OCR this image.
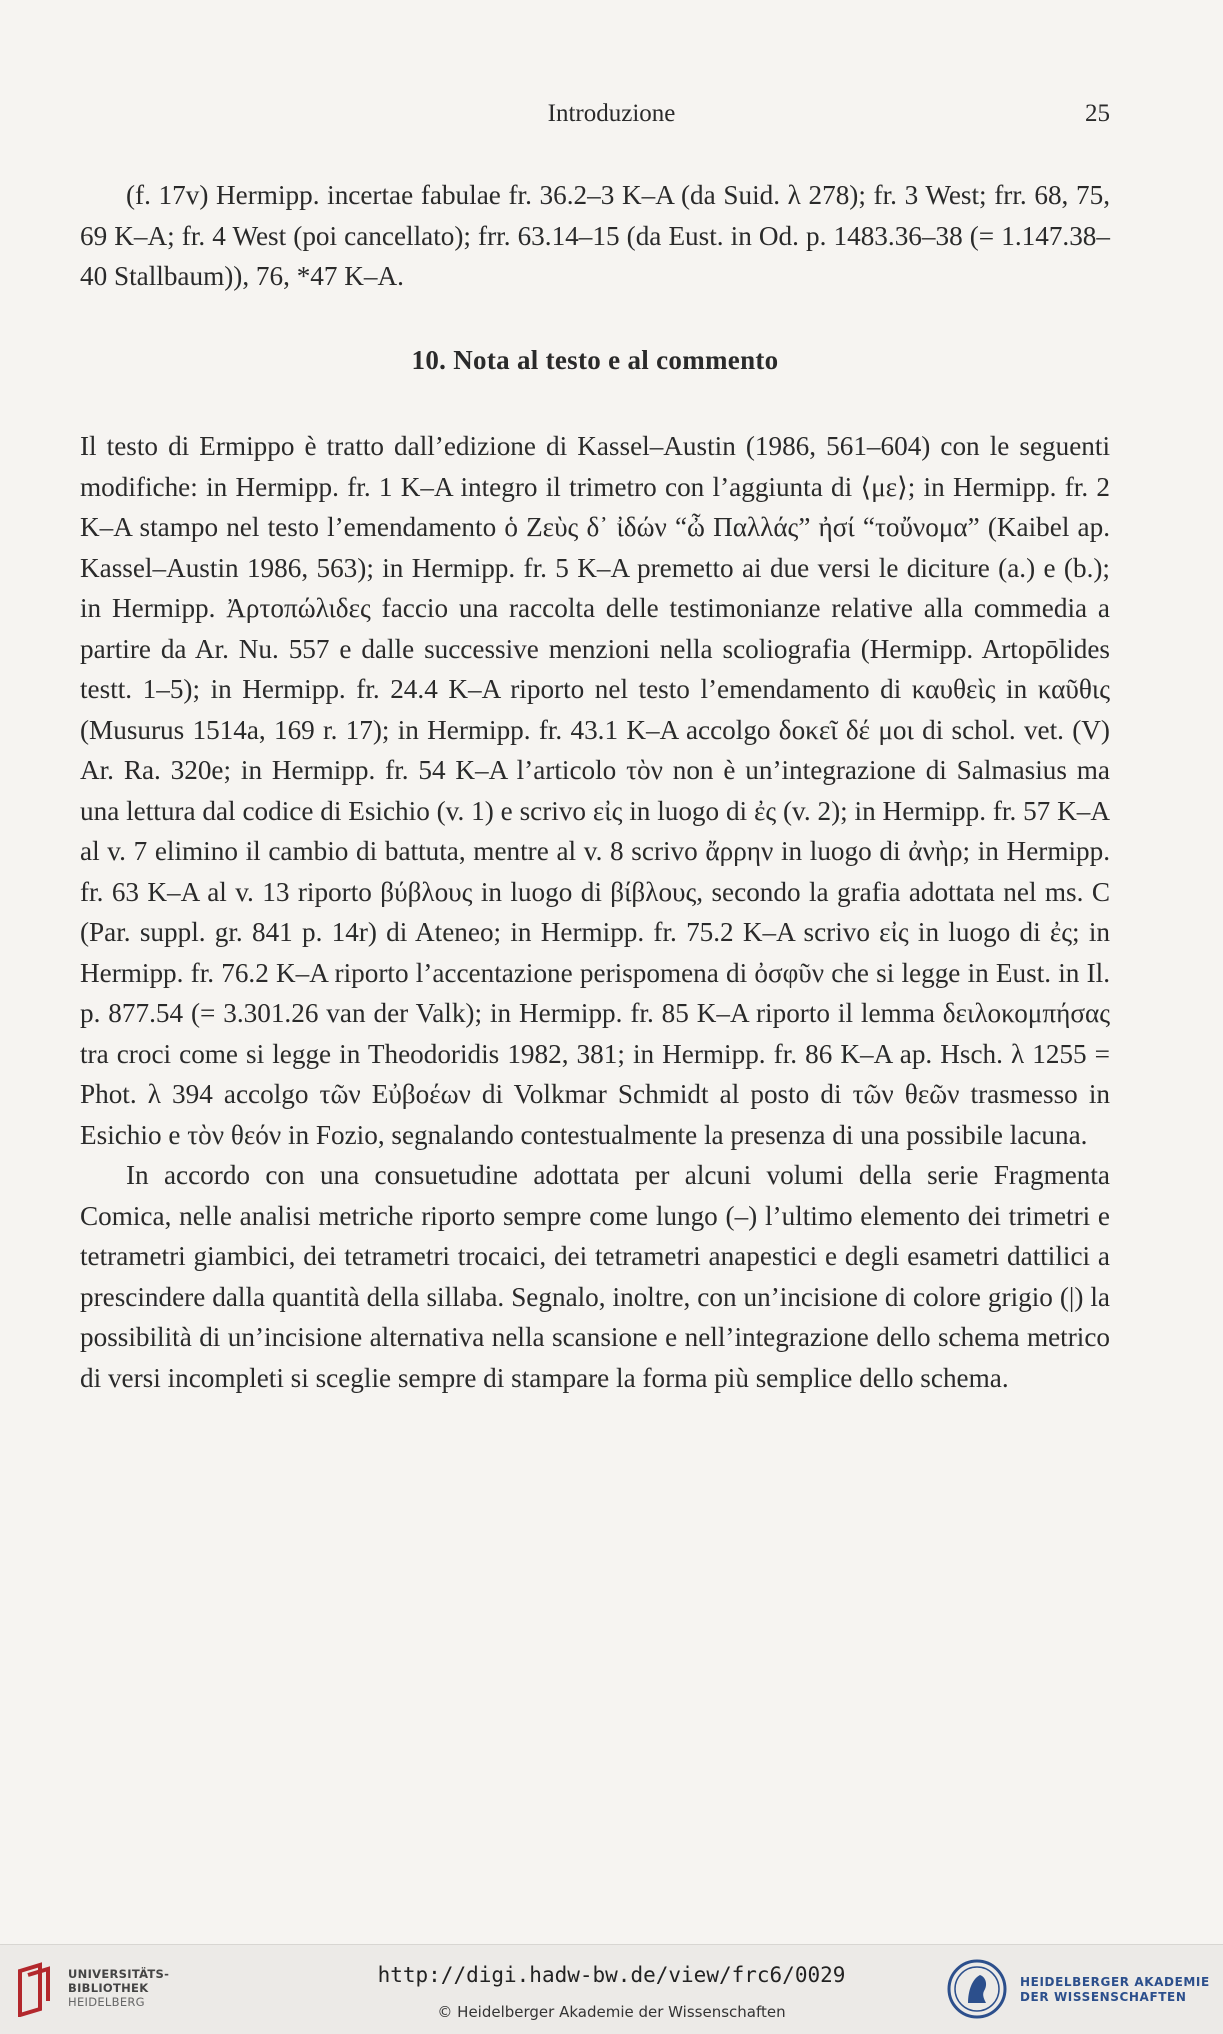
Introduzione	25

(f. 17v) Hermipp. incertae fabulae fr. 36.2–3 K–A (da Suid. λ 278); fr. 3 West; frr. 68, 75, 69 K–A; fr. 4 West (poi cancellato); frr. 63.14–15 (da Eust. in Od. p. 1483.36–38 (= 1.147.38–40 Stallbaum)), 76, *47 K–A.

10. Nota al testo e al commento

Il testo di Ermippo è tratto dall’edizione di Kassel–Austin (1986, 561–604) con le seguenti modifiche: in Hermipp. fr. 1 K–A integro il trimetro con l’aggiunta di ⟨με⟩; in Hermipp. fr. 2 K–A stampo nel testo l’emendamento ὁ Ζεὺς δ᾽ ἰδών “ὦ Παλλάς” ἠσί “τοὔνομα” (Kaibel ap. Kassel–Austin 1986, 563); in Hermipp. fr. 5 K–A premetto ai due versi le diciture (a.) e (b.); in Hermipp. Ἀρτοπώλιδες faccio una raccolta delle testimonianze relative alla commedia a partire da Ar. Nu. 557 e dalle successive menzioni nella scoliografia (Hermipp. Artopōlides testt. 1–5); in Hermipp. fr. 24.4 K–A riporto nel testo l’emendamento di καυθεὶς in καῦθις (Musurus 1514a, 169 r. 17); in Hermipp. fr. 43.1 K–A accolgo δοκεῖ δέ μοι di schol. vet. (V) Ar. Ra. 320e; in Hermipp. fr. 54 K–A l’articolo τὸν non è un’integrazione di Salmasius ma una lettura dal codice di Esichio (v. 1) e scrivo εἰς in luogo di ἐς (v. 2); in Hermipp. fr. 57 K–A al v. 7 elimino il cambio di battuta, mentre al v. 8 scrivo ἄρρην in luogo di ἀνὴρ; in Hermipp. fr. 63 K–A al v. 13 riporto βύβλους in luogo di βίβλους, secondo la grafia adottata nel ms. C (Par. suppl. gr. 841 p. 14r) di Ateneo; in Hermipp. fr. 75.2 K–A scrivo εἰς in luogo di ἐς; in Hermipp. fr. 76.2 K–A riporto l’accentazione perispomena di ὀσφῦν che si legge in Eust. in Il. p. 877.54 (= 3.301.26 van der Valk); in Hermipp. fr. 85 K–A riporto il lemma δειλοκομπήσας tra croci come si legge in Theodoridis 1982, 381; in Hermipp. fr. 86 K–A ap. Hsch. λ 1255 = Phot. λ 394 accolgo τῶν Εὐβοέων di Volkmar Schmidt al posto di τῶν θεῶν trasmesso in Esichio e τὸν θεόν in Fozio, segnalando contestualmente la presenza di una possibile lacuna.

In accordo con una consuetudine adottata per alcuni volumi della serie Fragmenta Comica, nelle analisi metriche riporto sempre come lungo (–) l’ultimo elemento dei trimetri e tetrametri giambici, dei tetrametri trocaici, dei tetrametri anapestici e degli esametri dattilici a prescindere dalla quantità della sillaba. Segnalo, inoltre, con un’incisione di colore grigio (|) la possibilità di un’incisione alternativa nella scansione e nell’integrazione dello schema metrico di versi incompleti si sceglie sempre di stampare la forma più semplice dello schema.

UNIVERSITÄTS-
BIBLIOTHEK
HEIDELBERG
http://digi.hadw-bw.de/view/frc6/0029
© Heidelberger Akademie der Wissenschaften
HEIDELBERGER AKADEMIE
DER WISSENSCHAFTEN
